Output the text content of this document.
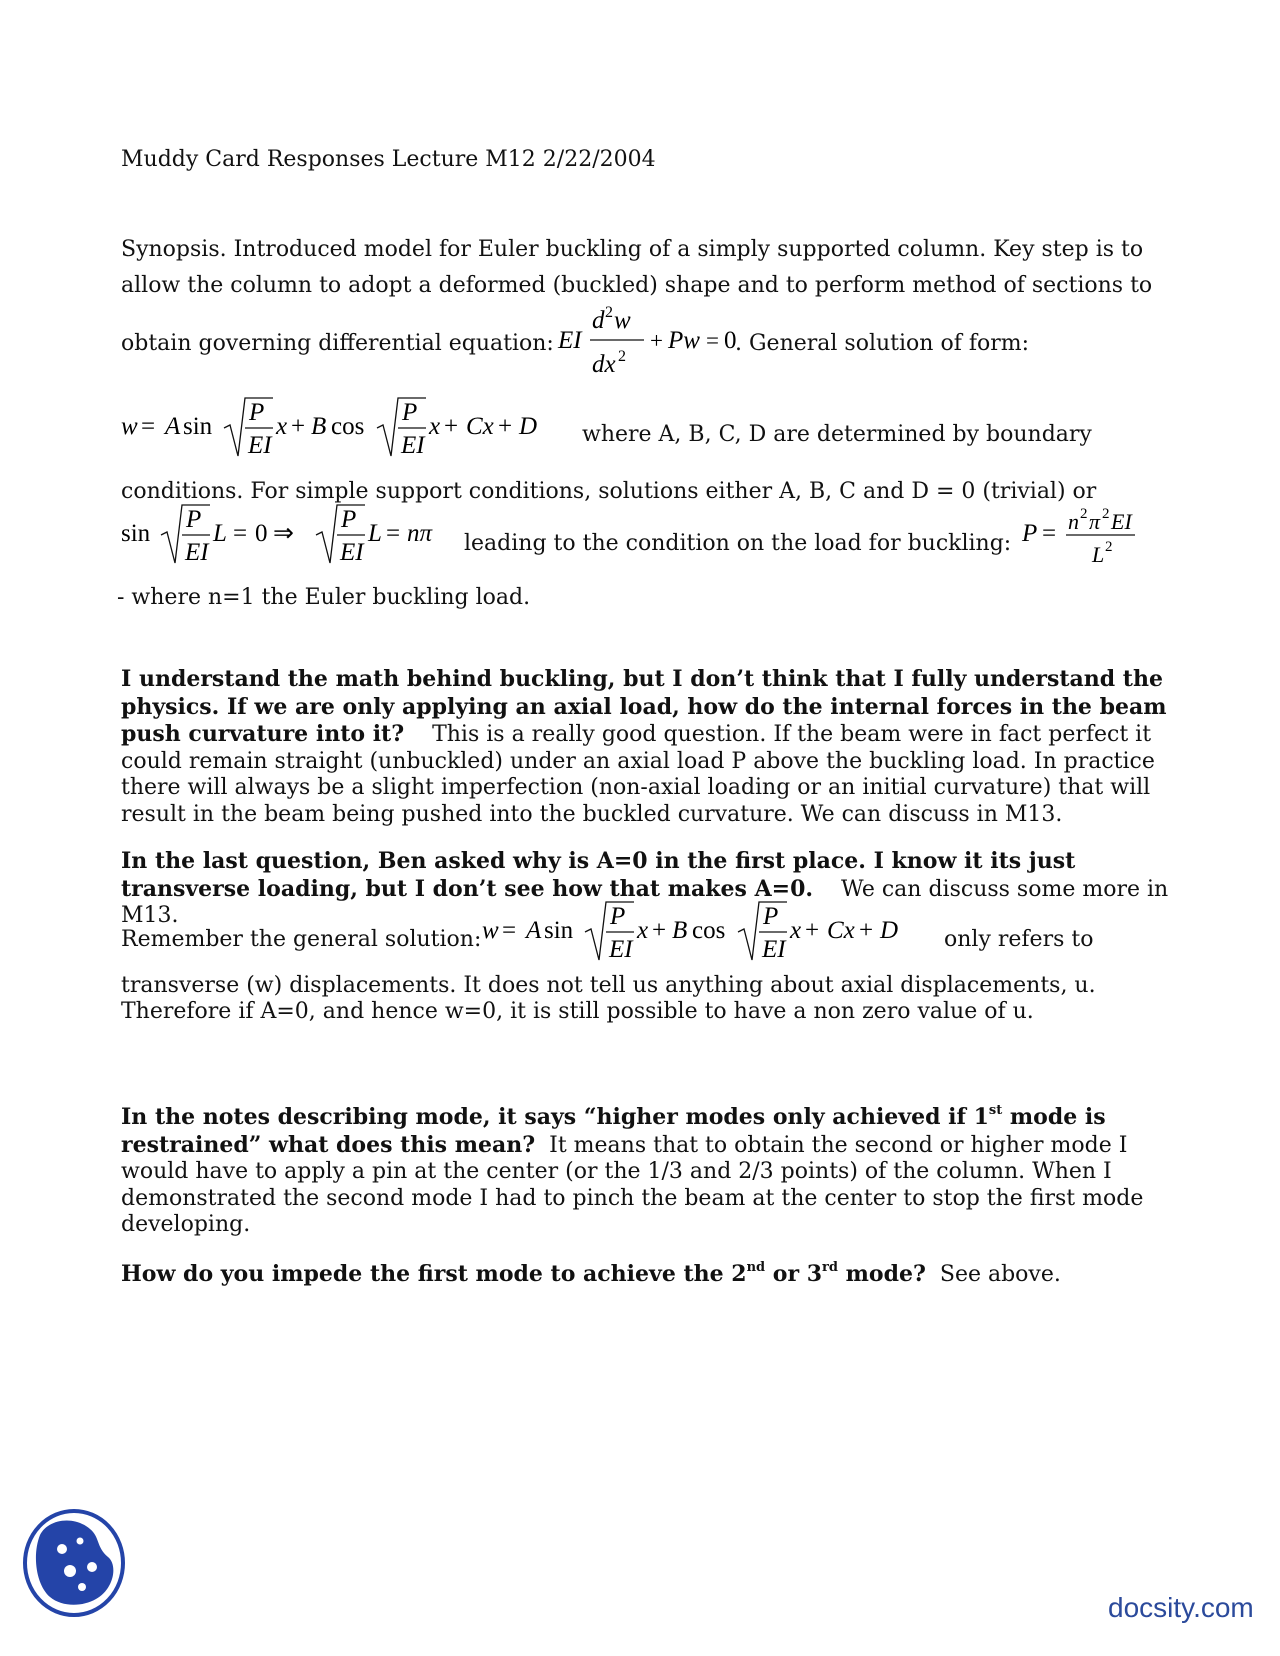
Muddy Card Responses Lecture M12 2/22/2004
Synopsis. Introduced model for Euler buckling of a simply supported column. Key step is to
allow the column to adopt a deformed (buckled) shape and to perform method of sections to
obtain governing differential equation: EI
d 2 w
dx 2
+ Pw = 0
. General solution of form:
w = A sin
P
EI
x + B cos
P
EI
x + Cx + D where A, B, C, D are determined by boundary
conditions. For simple support conditions, solutions either A, B, C and D = 0 (trivial) or
sin
P
EI
L = 0 ⇒
P
EI
L = nπ leading to the condition on the load for buckling: P = n 2 π 2 EI
L 2
- where n=1 the Euler buckling load.
I understand the math behind buckling, but I don’t think that I fully understand the physics. If we are only applying an axial load, how do the internal forces in the beam push curvature into it? This is a really good question. If the beam were in fact perfect it could remain straight (unbuckled) under an axial load P above the buckling load. In practice there will always be a slight imperfection (non-axial loading or an initial curvature) that will result in the beam being pushed into the buckled curvature. We can discuss in M13.
In the last question, Ben asked why is A=0 in the first place. I know it its just transverse loading, but I don’t see how that makes A=0. We can discuss some more in M13.
Remember the general solution: w = A sin
P
EI
x + B cos
P
EI
x + Cx + D only refers to
transverse (w) displacements. It does not tell us anything about axial displacements, u.
Therefore if A=0, and hence w=0, it is still possible to have a non zero value of u.
In the notes describing mode, it says “higher modes only achieved if 1st mode is restrained” what does this mean? It means that to obtain the second or higher mode I would have to apply a pin at the center (or the 1/3 and 2/3 points) of the column. When I demonstrated the second mode I had to pinch the beam at the center to stop the first mode developing.
How do you impede the first mode to achieve the 2nd or 3rd mode? See above.
docsity.com
